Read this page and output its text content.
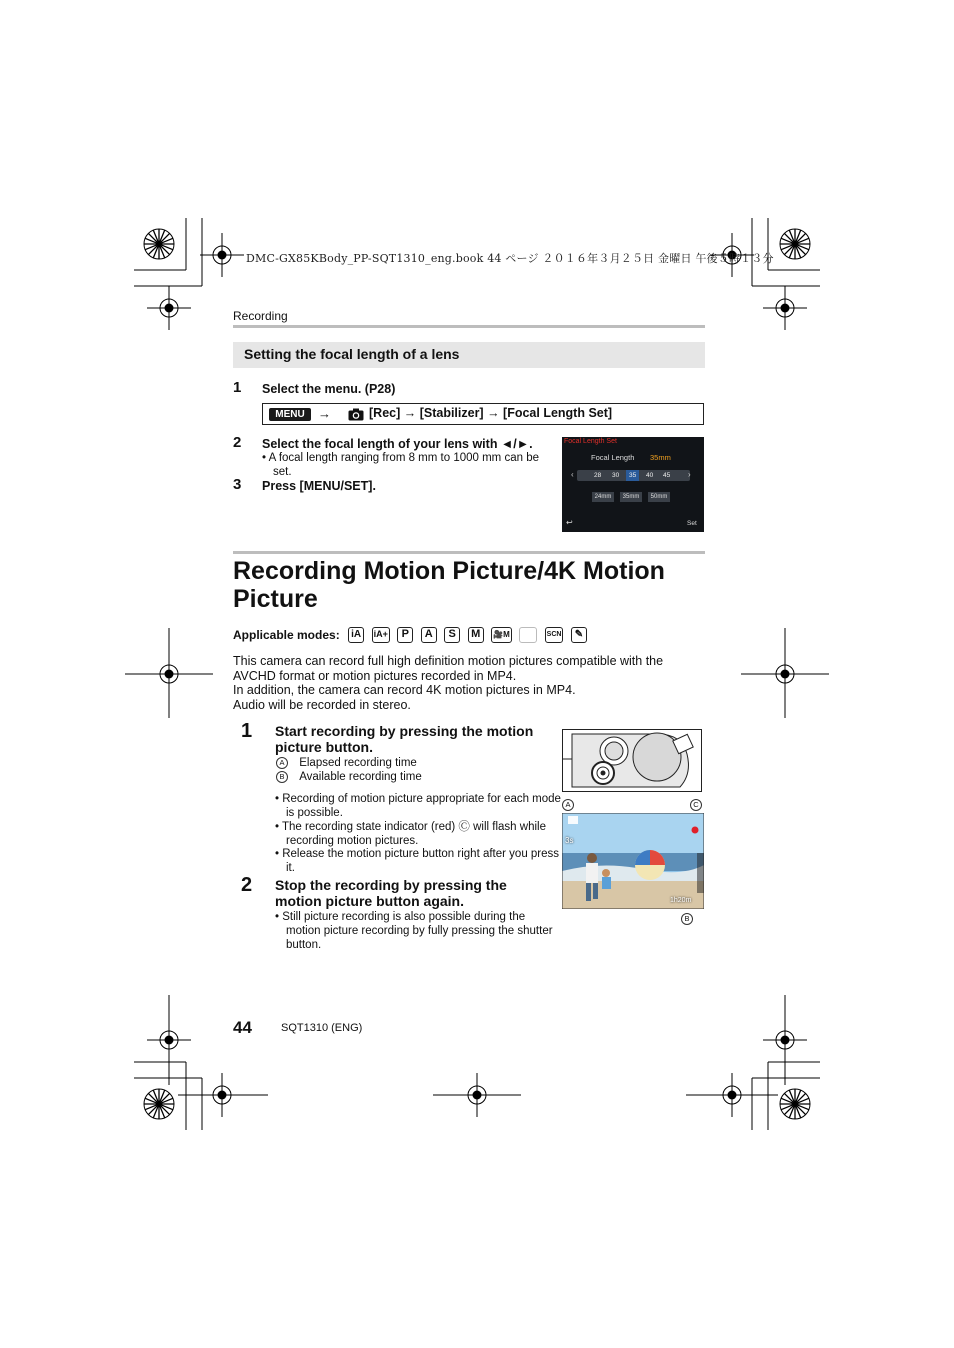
DMC-GX85KBody_PP-SQT1310_eng.book 44 ページ ２０１６年３月２５日 金曜日 午後５時１３分
Recording
Setting the focal length of a lens
1 Select the menu. (P28)
MENU	→	[Rec] → [Stabilizer] → [Focal Length Set]
2 Select the focal length of your lens with ◄/►.
• A focal length ranging from 8 mm to 1000 mm can be set.
3 Press [MENU/SET].
Focal Length Set
Focal Length 35mm
‹	›
28 30 35 40 45
24mm	35mm	50mm
↩	Set
Recording Motion Picture/4K Motion Picture
Applicable modes: iA iA+ P A S M 🎥M	SCN ✎

This camera can record full high definition motion pictures compatible with the

AVCHD format or motion pictures recorded in MP4.

In addition, the camera can record 4K motion pictures in MP4.

Audio will be recorded in stereo.

1 Start recording by pressing the motion picture button.
A Elapsed recording time
B Available recording time
• Recording of motion picture appropriate for each mode is possible.
• The recording state indicator (red) Ⓒ will flash while recording motion pictures.
• Release the motion picture button right after you press it.
2 Stop the recording by pressing the motion picture button again.
• Still picture recording is also possible during the motion picture recording by fully pressing the shutter button.
A	C
3s
1h20m
B
44	SQT1310 (ENG)
